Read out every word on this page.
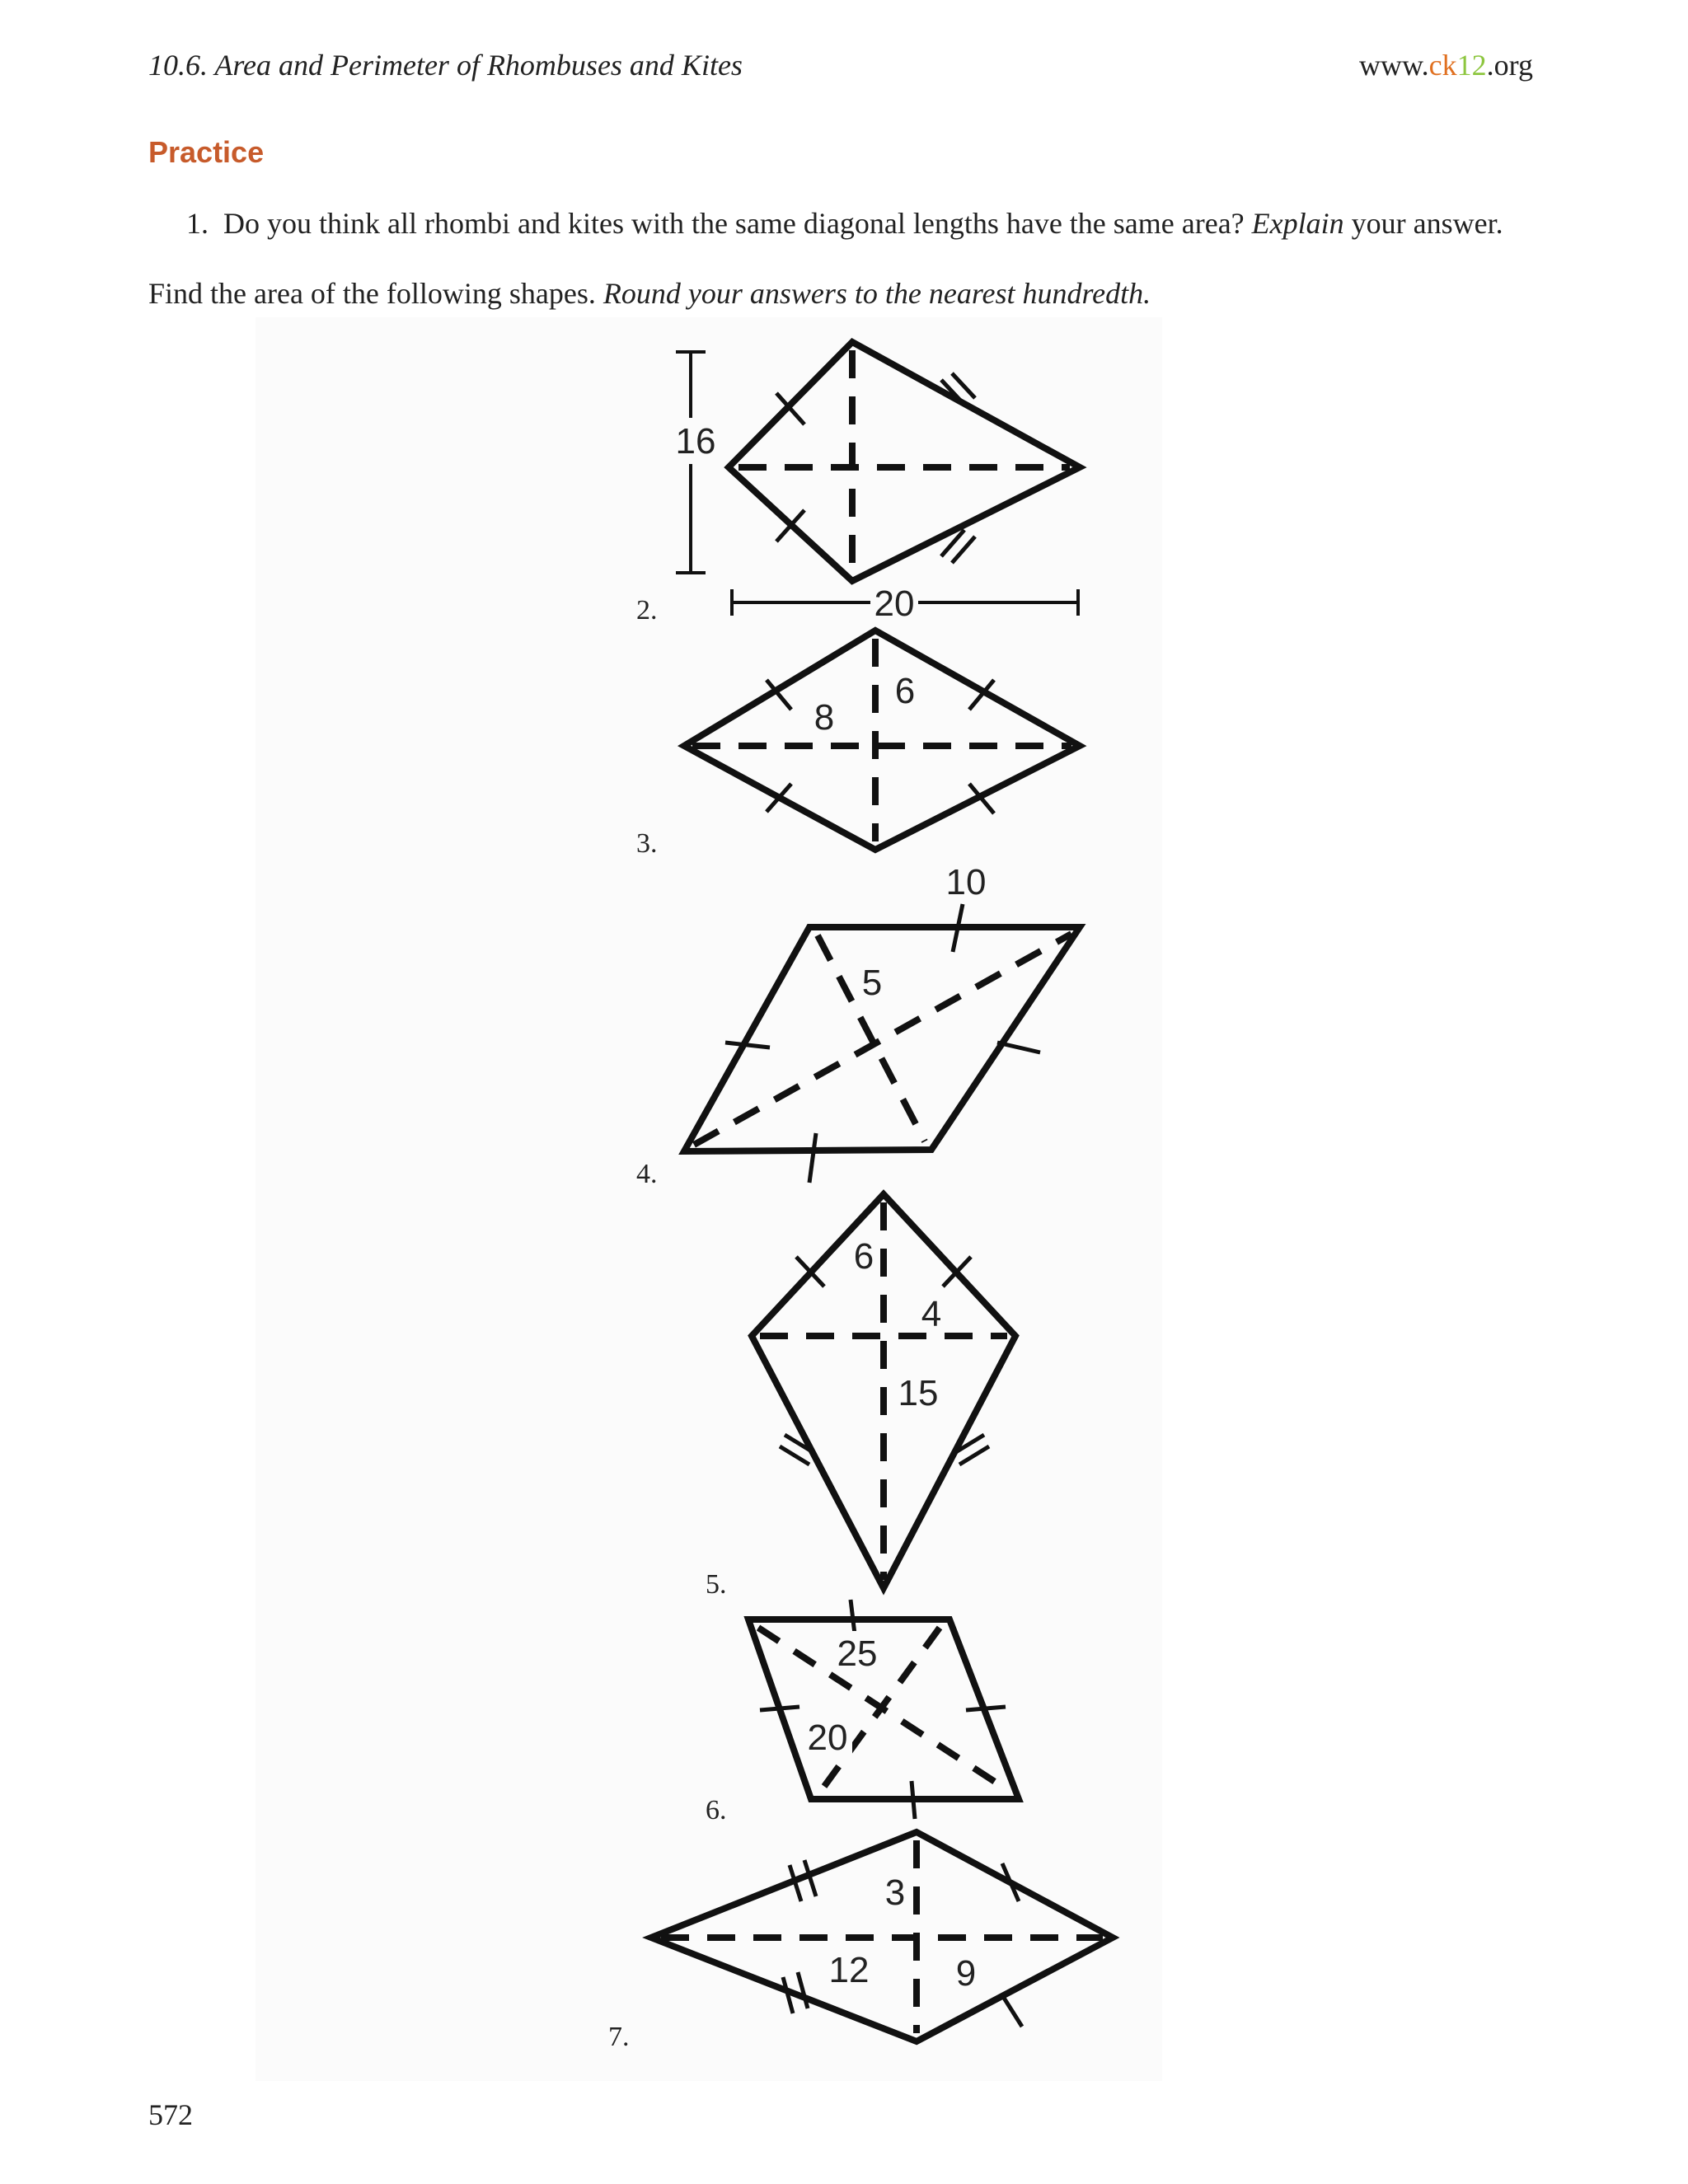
10.6. Area and Perimeter of Rhombuses and Kites	www.ck12.org
Practice
1. Do you think all rhombi and kites with the same diagonal lengths have the same area? Explain your answer.
Find the area of the following shapes. Round your answers to the nearest hundredth.
16
20
8
6
10
5
6
4
15
25
20
3
12 9
2.
3.
4.
5.
6.
7.
572
